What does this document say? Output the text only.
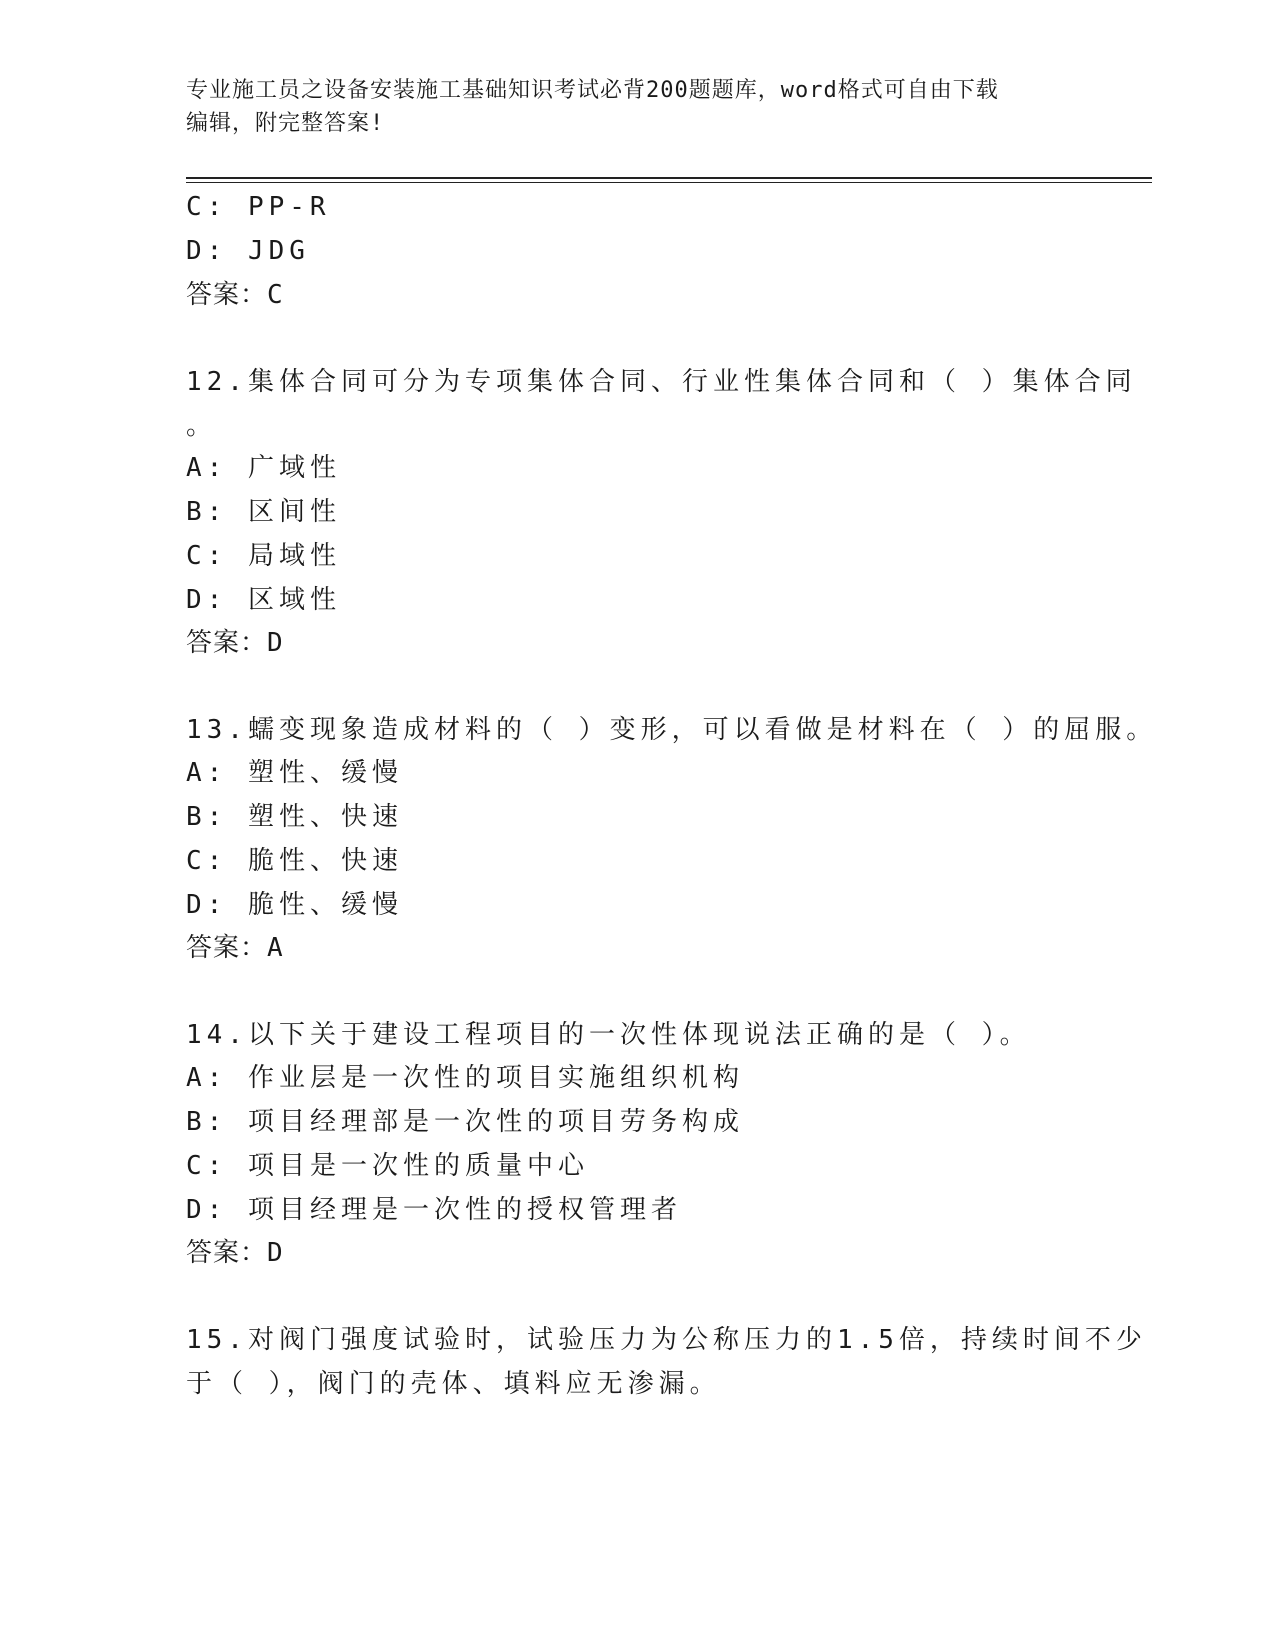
专业施工员之设备安装施工基础知识考试必背200题题库，word格式可自由下载
编辑，附完整答案!
C: PP-R
D: JDG
答案：C
12.集体合同可分为专项集体合同、行业性集体合同和（ ）集体合同
。
A: 广域性
B: 区间性
C: 局域性
D: 区域性
答案：D
13.蠕变现象造成材料的（ ）变形，可以看做是材料在（ ）的屈服。
A: 塑性、缓慢
B: 塑性、快速
C: 脆性、快速
D: 脆性、缓慢
答案：A
14.以下关于建设工程项目的一次性体现说法正确的是（ ）。
A: 作业层是一次性的项目实施组织机构
B: 项目经理部是一次性的项目劳务构成
C: 项目是一次性的质量中心
D: 项目经理是一次性的授权管理者
答案：D
15.对阀门强度试验时，试验压力为公称压力的1.5倍，持续时间不少
于（ ），阀门的壳体、填料应无渗漏。
